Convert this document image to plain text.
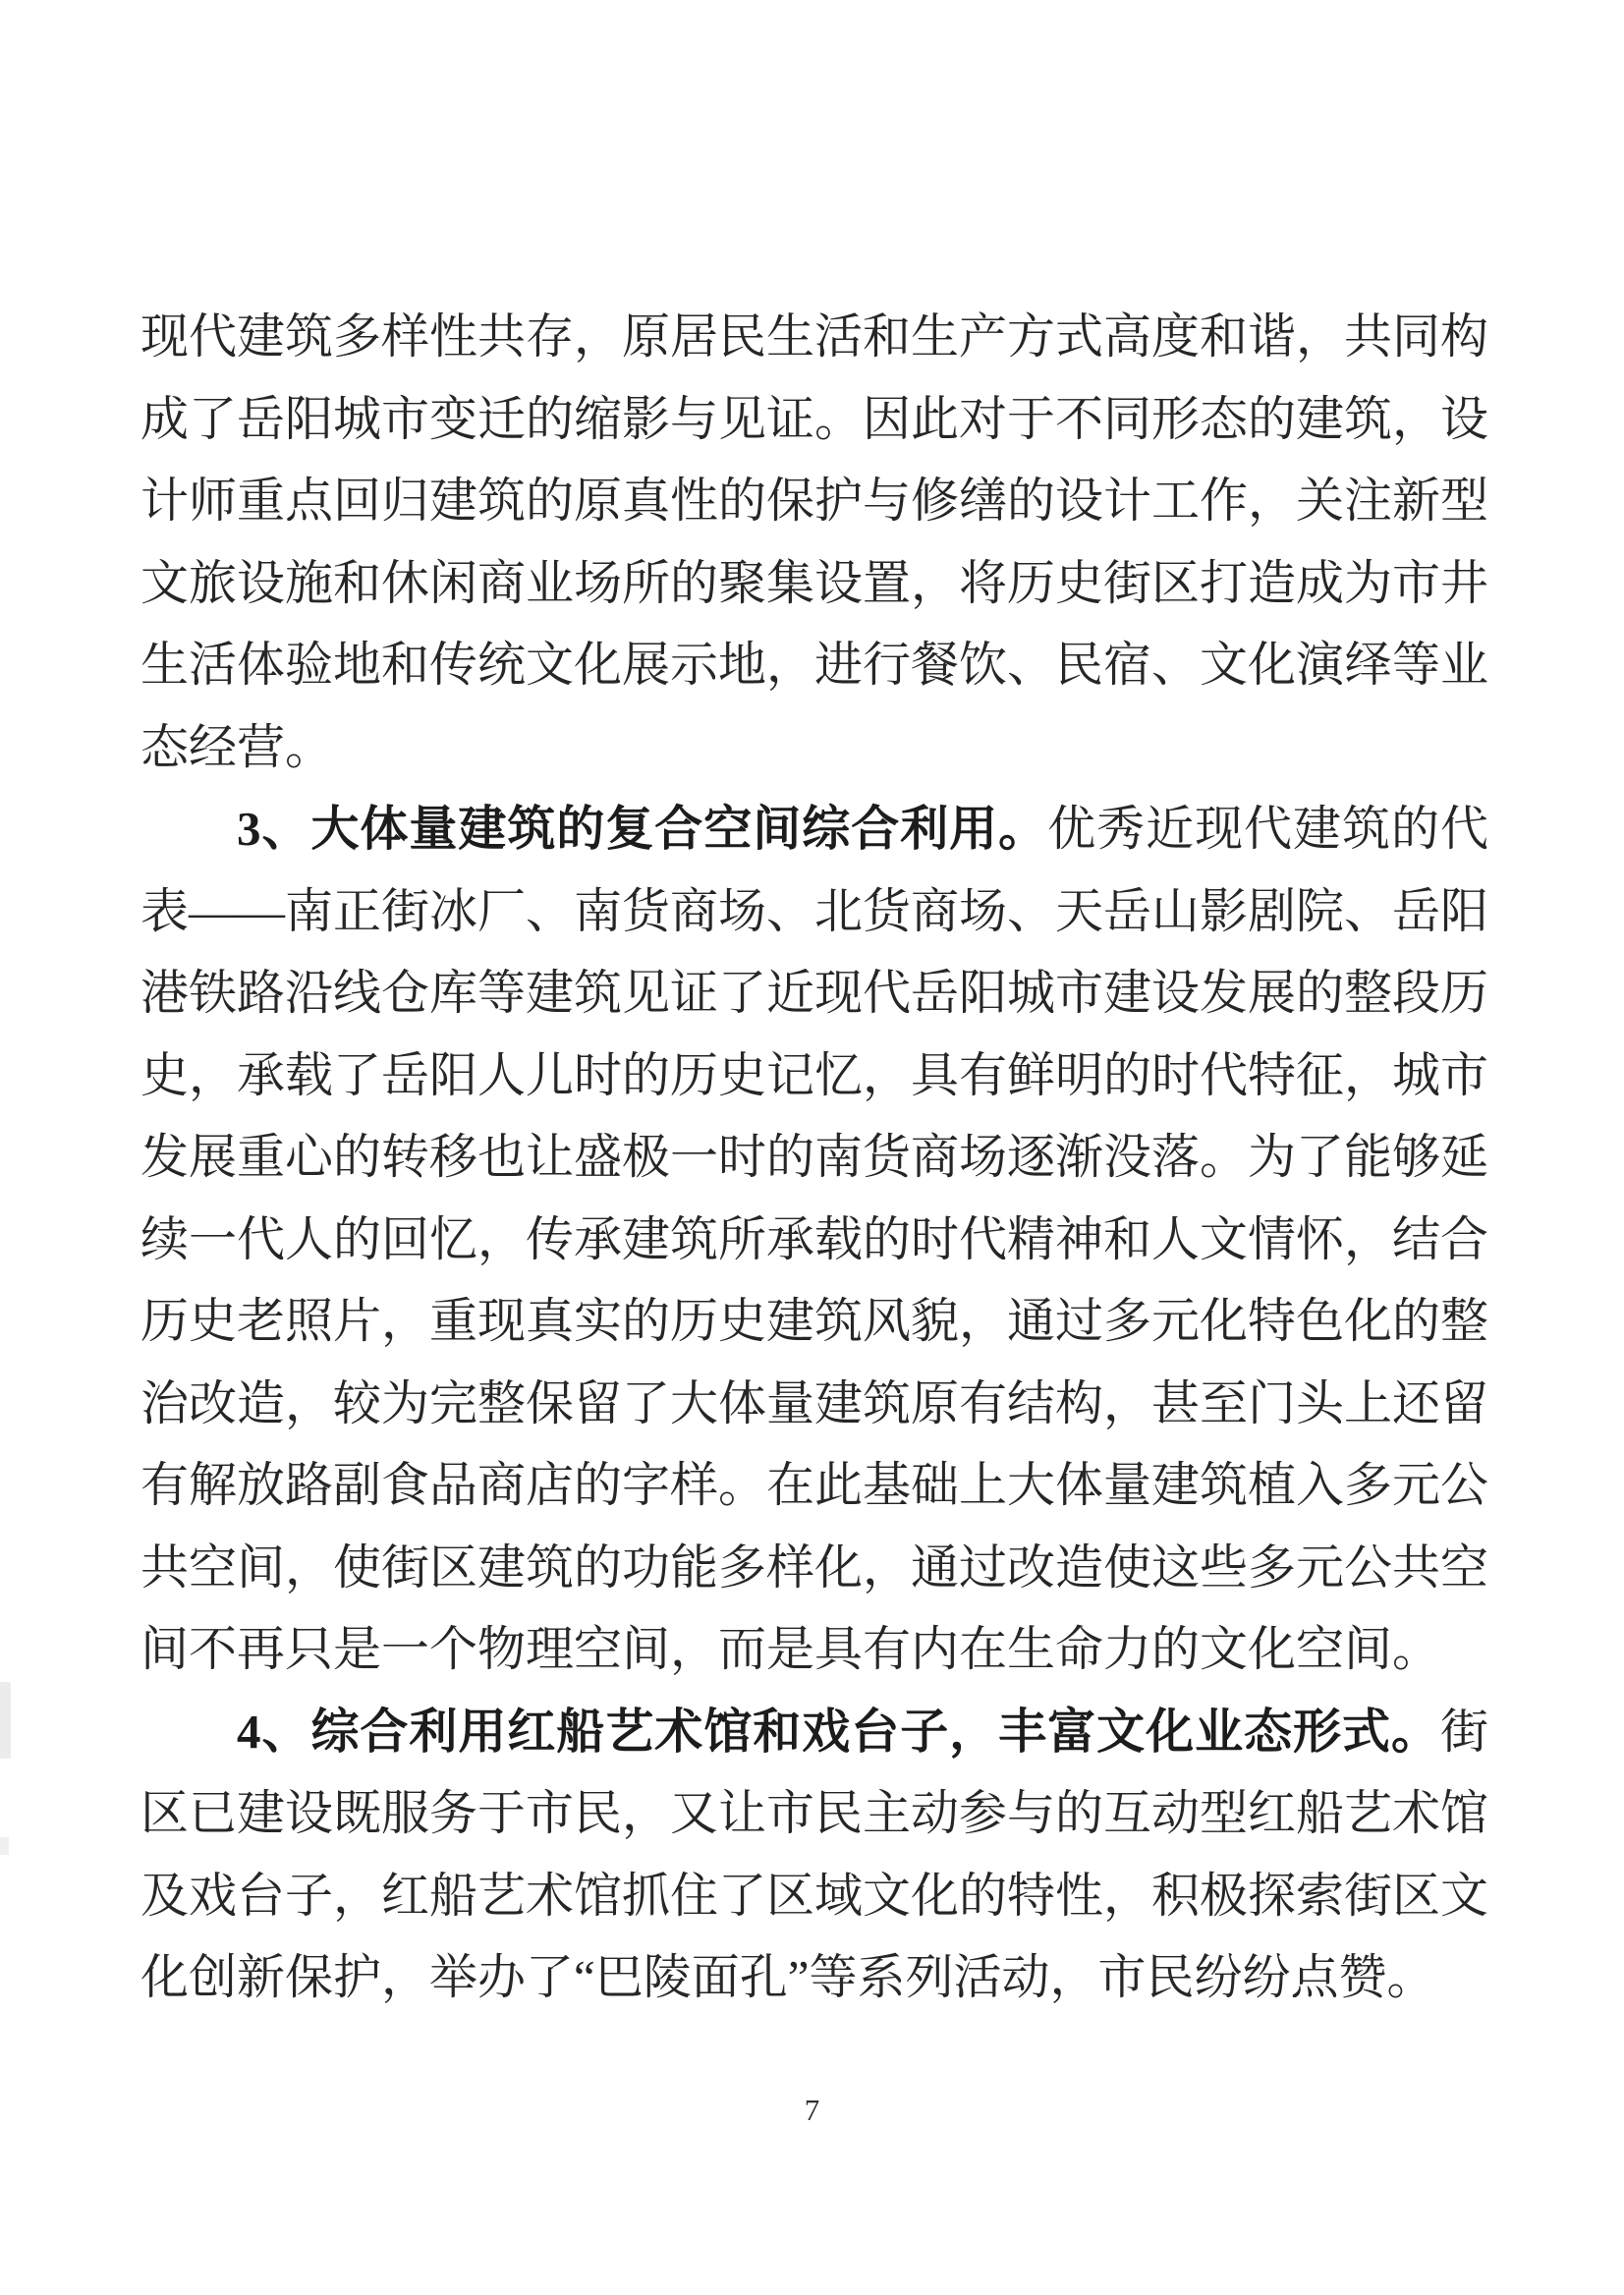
现代建筑多样性共存，原居民生活和生产方式高度和谐，共同构成了岳阳城市变迁的缩影与见证。因此对于不同形态的建筑，设计师重点回归建筑的原真性的保护与修缮的设计工作，关注新型文旅设施和休闲商业场所的聚集设置，将历史街区打造成为市井生活体验地和传统文化展示地，进行餐饮、民宿、文化演绎等业态经营。

3、大体量建筑的复合空间综合利用。优秀近现代建筑的代表——南正街冰厂、南货商场、北货商场、天岳山影剧院、岳阳港铁路沿线仓库等建筑见证了近现代岳阳城市建设发展的整段历史，承载了岳阳人儿时的历史记忆，具有鲜明的时代特征，城市发展重心的转移也让盛极一时的南货商场逐渐没落。为了能够延续一代人的回忆，传承建筑所承载的时代精神和人文情怀，结合历史老照片，重现真实的历史建筑风貌，通过多元化特色化的整治改造，较为完整保留了大体量建筑原有结构，甚至门头上还留有解放路副食品商店的字样。在此基础上大体量建筑植入多元公共空间，使街区建筑的功能多样化，通过改造使这些多元公共空间不再只是一个物理空间，而是具有内在生命力的文化空间。

4、综合利用红船艺术馆和戏台子，丰富文化业态形式。街区已建设既服务于市民，又让市民主动参与的互动型红船艺术馆及戏台子，红船艺术馆抓住了区域文化的特性，积极探索街区文化创新保护，举办了“巴陵面孔”等系列活动，市民纷纷点赞。

7
